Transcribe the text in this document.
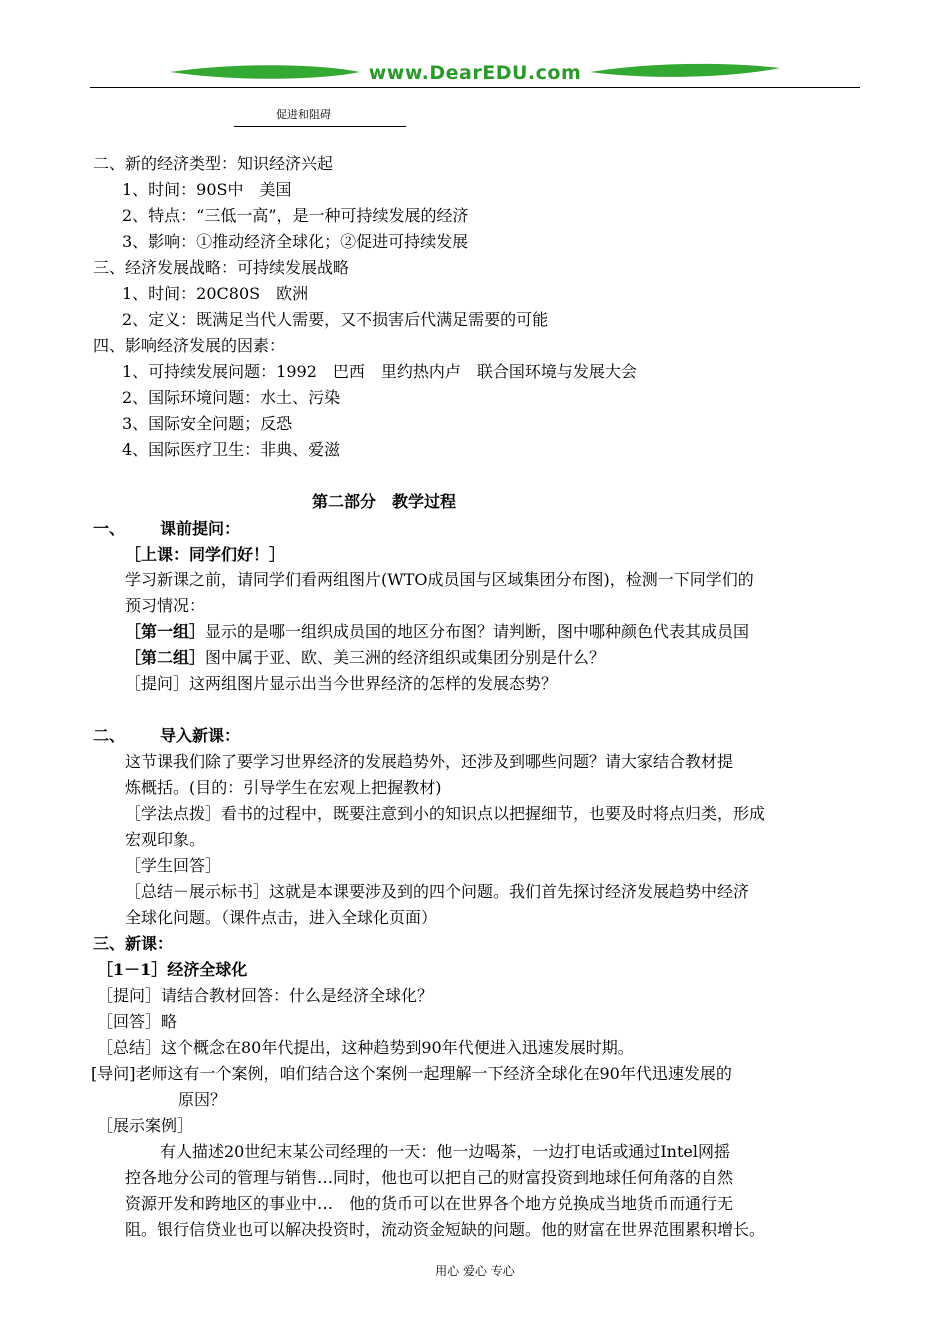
www.DearEDU.com
促进和阻碍
二、新的经济类型：知识经济兴起
1、时间：90S中　美国
2、特点：“三低一高”，是一种可持续发展的经济
3、影响：①推动经济全球化；②促进可持续发展
三、经济发展战略：可持续发展战略
1、时间：20C80S　欧洲
2、定义：既满足当代人需要，又不损害后代满足需要的可能
四、影响经济发展的因素：
1、可持续发展问题：1992　巴西　里约热内卢　联合国环境与发展大会
2、国际环境问题：水土、污染
3、国际安全问题；反恐
4、国际医疗卫生：非典、爱滋
第二部分　教学过程
一、 课前提问：
［上课：同学们好！］
学习新课之前，请同学们看两组图片(WTO成员国与区域集团分布图)，检测一下同学们的
预习情况：
［第一组］显示的是哪一组织成员国的地区分布图？请判断，图中哪种颜色代表其成员国
［第二组］图中属于亚、欧、美三洲的经济组织或集团分别是什么？
［提问］这两组图片显示出当今世界经济的怎样的发展态势？
二、 导入新课：
这节课我们除了要学习世界经济的发展趋势外，还涉及到哪些问题？请大家结合教材提
炼概括。(目的：引导学生在宏观上把握教材)
［学法点拨］看书的过程中，既要注意到小的知识点以把握细节，也要及时将点归类，形成
宏观印象。
［学生回答］
［总结－展示标书］这就是本课要涉及到的四个问题。我们首先探讨经济发展趋势中经济
全球化问题。（课件点击，进入全球化页面）
三、新课：
［1－1］经济全球化
［提问］请结合教材回答：什么是经济全球化？
［回答］略
［总结］这个概念在80年代提出，这种趋势到90年代便进入迅速发展时期。
[导问]老师这有一个案例，咱们结合这个案例一起理解一下经济全球化在90年代迅速发展的
原因？
［展示案例］
有人描述20世纪末某公司经理的一天：他一边喝茶，一边打电话或通过Intel网摇
控各地分公司的管理与销售…同时，他也可以把自己的财富投资到地球任何角落的自然
资源开发和跨地区的事业中…　他的货币可以在世界各个地方兑换成当地货币而通行无
阻。银行信贷业也可以解决投资时，流动资金短缺的问题。他的财富在世界范围累积增长。
用心 爱心 专心
